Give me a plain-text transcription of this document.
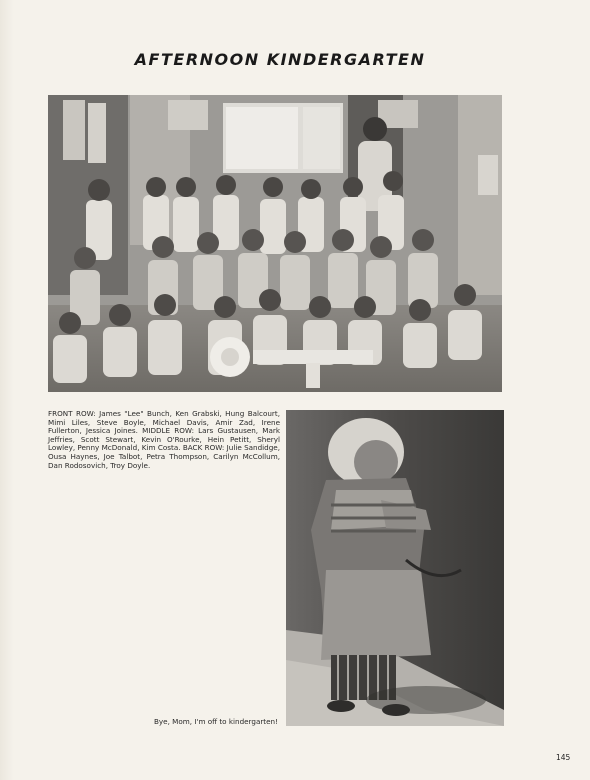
AFTERNOON KINDERGARTEN

FRONT ROW: James "Lee" Bunch, Ken Grabski, Hung Balcourt, Mimi Liles, Steve Boyle, Michael Davis, Amir Zad, Irene Fullerton, Jessica Joines. MIDDLE ROW: Lars Gustausen, Mark Jeffries, Scott Stewart, Kevin O'Rourke, Hein Petitt, Sheryl Lowley, Penny McDonald, Kim Costa. BACK ROW: Julie Sandidge, Ousa Haynes, Joe Talbot, Petra Thompson, Carilyn McCollum, Dan Rodosovich, Troy Doyle.

Bye, Mom, I'm off to kindergarten!

145
